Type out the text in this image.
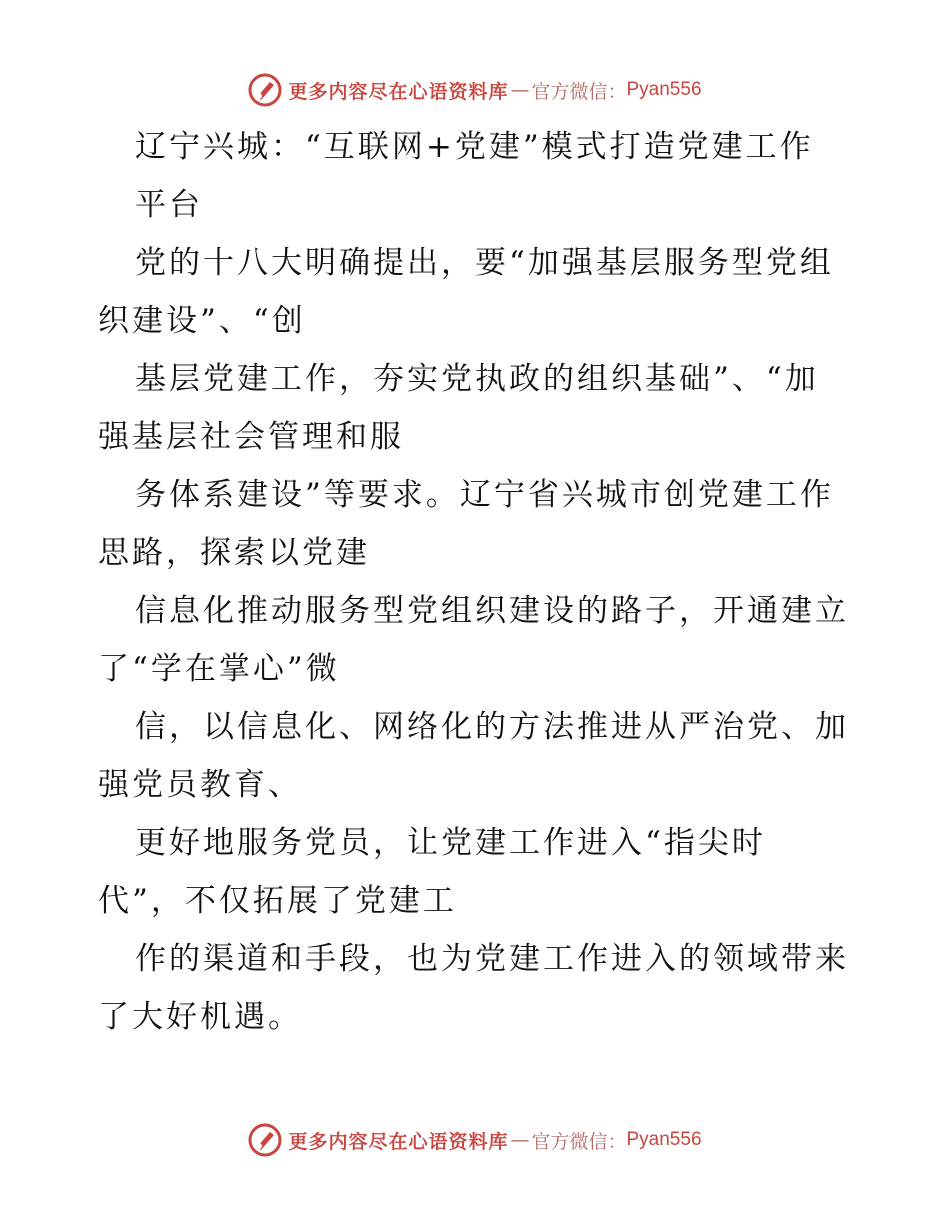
更多内容尽在心语资料库 — 官方微信： Pyan556
辽宁兴城：“互联网+党建”模式打造党建工作
平台
党的十八大明确提出，要“加强基层服务型党组
织建设”、“创
基层党建工作，夯实党执政的组织基础”、“加
强基层社会管理和服
务体系建设”等要求。辽宁省兴城市创党建工作
思路，探索以党建
信息化推动服务型党组织建设的路子，开通建立
了“学在掌心”微
信，以信息化、网络化的方法推进从严治党、加
强党员教育、
更好地服务党员，让党建工作进入“指尖时
代”，不仅拓展了党建工
作的渠道和手段，也为党建工作进入的领域带来
了大好机遇。
更多内容尽在心语资料库 — 官方微信： Pyan556
